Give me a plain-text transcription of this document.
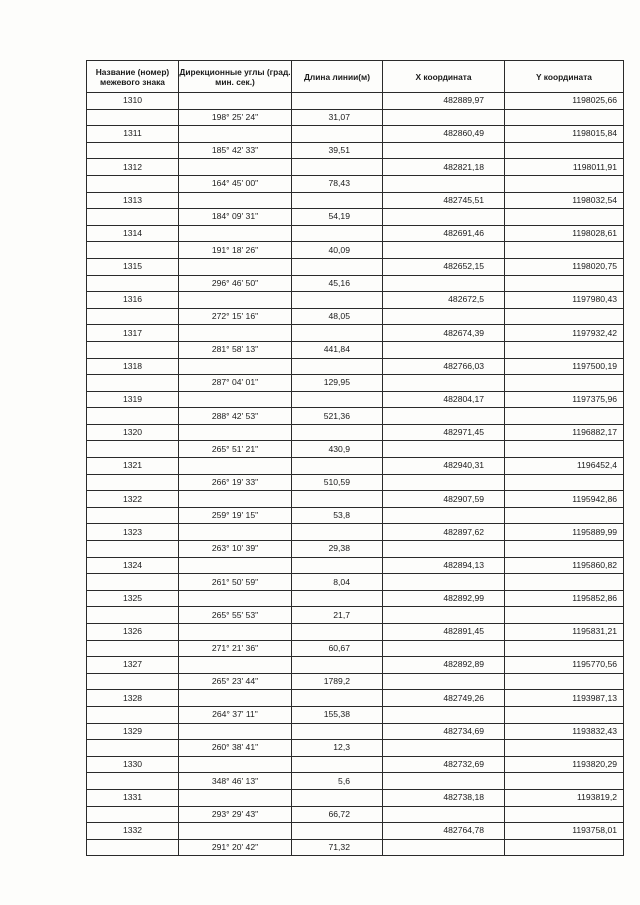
Название (номер) межевого знака	Дирекционные углы (град. мин. сек.)	Длина линии(м)	X координата	Y координата
1310			482889,97	1198025,66
	198° 25' 24"	31,07		
1311			482860,49	1198015,84
	185° 42' 33"	39,51		
1312			482821,18	1198011,91
	164° 45' 00"	78,43		
1313			482745,51	1198032,54
	184° 09' 31"	54,19		
1314			482691,46	1198028,61
	191° 18' 26"	40,09		
1315			482652,15	1198020,75
	296° 46' 50"	45,16		
1316			482672,5	1197980,43
	272° 15' 16"	48,05		
1317			482674,39	1197932,42
	281° 58' 13"	441,84		
1318			482766,03	1197500,19
	287° 04' 01"	129,95		
1319			482804,17	1197375,96
	288° 42' 53"	521,36		
1320			482971,45	1196882,17
	265° 51' 21"	430,9		
1321			482940,31	1196452,4
	266° 19' 33"	510,59		
1322			482907,59	1195942,86
	259° 19' 15"	53,8		
1323			482897,62	1195889,99
	263° 10' 39"	29,38		
1324			482894,13	1195860,82
	261° 50' 59"	8,04		
1325			482892,99	1195852,86
	265° 55' 53"	21,7		
1326			482891,45	1195831,21
	271° 21' 36"	60,67		
1327			482892,89	1195770,56
	265° 23' 44"	1789,2		
1328			482749,26	1193987,13
	264° 37' 11"	155,38		
1329			482734,69	1193832,43
	260° 38' 41"	12,3		
1330			482732,69	1193820,29
	348° 46' 13"	5,6		
1331			482738,18	1193819,2
	293° 29' 43"	66,72		
1332			482764,78	1193758,01
	291° 20' 42"	71,32		
